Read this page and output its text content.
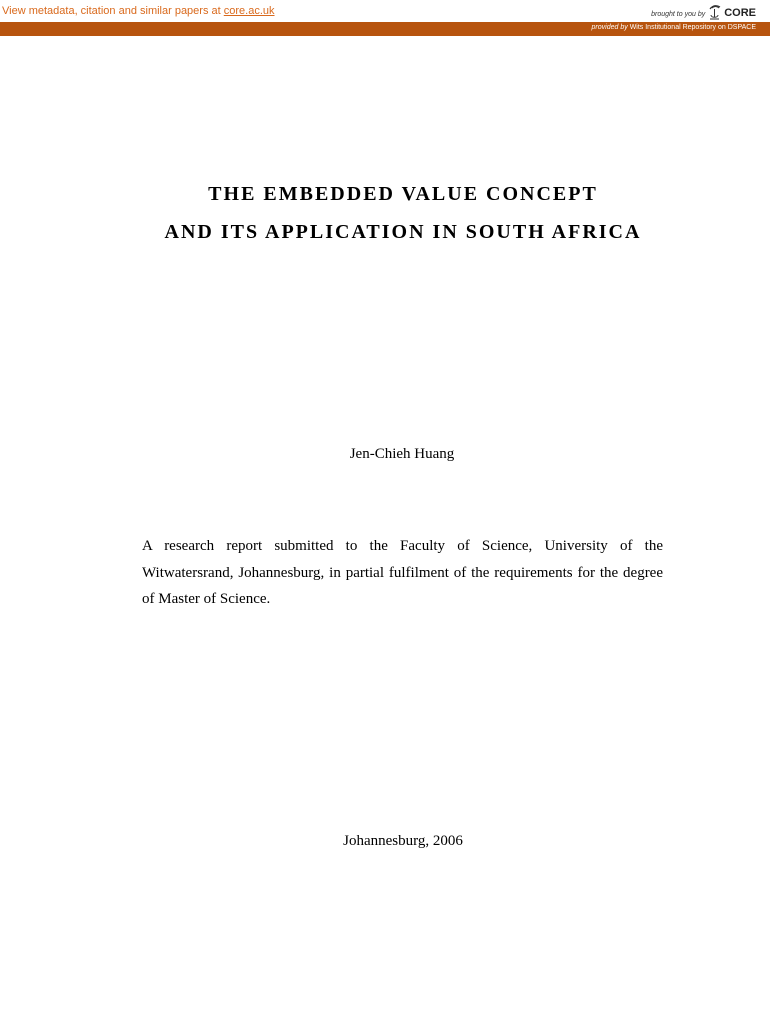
View metadata, citation and similar papers at core.ac.uk	brought to you by CORE
provided by Wits Institutional Repository on DSPACE
THE EMBEDDED VALUE CONCEPT
AND ITS APPLICATION IN SOUTH AFRICA
Jen-Chieh Huang

A research report submitted to the Faculty of Science, University of the Witwatersrand, Johannesburg, in partial fulfilment of the requirements for the degree of Master of Science.

Johannesburg, 2006
